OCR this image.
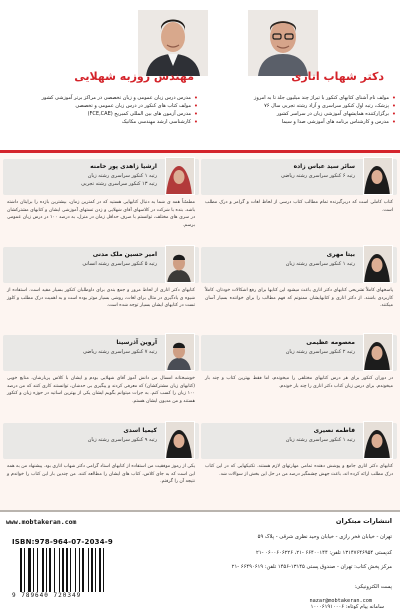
دکتر شهاب اناری
• مولف نام آشنای کتابهای کنکور با تیراژ چند میلیون جلد تا به امروز
• پزشک، رتبه اول کنکور سراسری و آزاد رشته تجربی سال ۷۶
• برگزارکننده همایشهای آموزشی زبان در سراسر کشور
• مدرس و کارشناس برنامه های آموزشی صدا و سیما
مهندس روزبه شهلایی
• مدرس درس زبان عمومی و زبان تخصصی در مراکز برتر آموزشی کشور
• مولف کتاب های کنکور در درس زبان عمومی و تخصصی
• مدرس آزمون های بین المللی کمبریج (FCE,CAE)
• کارشناسی ارشد مهندسی مکانیک
سائر سید عباس زاده
رتبه ۶ کنکور سراسری رشته ریاضی
کتاب کاملی است که دربرگیرنده تمام مطالب کتاب درسی از لحاظ لغات و گرامر و درک مطلب است.
بیتا مهری
رتبه ۱ کنکور سراسری رشته زبان
پاسخهای کاملاً تشریحی کتابهای دکتر اناری باعث میشود این کتابها برای رفع اشکالات خودتان، کاملاً کاربردی باشند. از دکتر اناری و کتابهایشان ممنونم که فهم مطالب را برای خواننده بسیار آسان میکنند.
معصومه عظیمی
رتبه ۲ کنکور سراسری رشته زبان
در دوران کنکور برای هر درس کتابهای مختلفی را میخوندم، اما فقط بهترین کتاب و چند بار میخوندم. برای درس زبان کتاب دکتر اناری را چند بار خوندم.
فاطمه نصیری
رتبه ۱ کنکور سراسری رشته زبان
کتابهای دکتر اناری جامع و پوشش دهنده تمامی مهارتهای لازم هستند. تکنیکهایی که در این کتاب درک مطلب ارائه کرده اند، باعث جهش چشمگیر درصد من در حل این بخش از سوالات شد.
ارشیا زاهدی پور خامنه
رتبه ۱ کنکور سراسری رشته زبان
رتبه ۱۳ کنکور سراسری رشته تجربی
مطمئناً همه ی شما به دنبال کتابهایی هستید که در کمترین زمان، بیشترین بازده را برایتان داشته باشد. بنده با شرکت در کلاسهای آقای شهلایی و زدن تستهای آموزشی ایشان و کتابهای مشترکشان در سری های مختلف، توانستم با صرف حداقل زمان در منزل، به درصد ۱۰۰ در درس زبان عمومی برسم.
امیر حسین ملک مدنی
رتبه ۵ کنکور سراسری رشته انسانی
کتابهای دکتر اناری از لحاظ مرور و جمع بندی برای داوطلبان کنکور بسیار مفید است. استفاده از شیوه ی یادگیری در مثال برای لغات، روشی بسیار موثر بوده است و به اهمیت درک مطلب و کلوز تست در کتابهای ایشان بسیار توجه شده است.
آروین آذرسینا
رتبه ۷ کنکور سراسری رشته ریاضی
خوشبختانه امسال من دانش آموز آقای شهلایی بودم و ایشان با کلاس پربارشان، منابع خوبی (کتابهای زبان مشترکشان) که معرفی کردند و پیگیری بی حدشان، توانستند کاری کنند که من درصد ۱۰۰ زبان را کسب کنم. به جرات میتوانم بگویم ایشان یکی از بهترین اساتید در حوزه زبان و کنکور هستند و من مدیون ایشان هستم.
کیمیا اسدی
رتبه ۹ کنکور سراسری رشته زبان
یکی از رموز موفقیت من استفاده از کتابهای استاد گرامی دکتر شهاب اناری بود. پیشنهاد من به همه این است که به جای کلاس، کتاب های ایشان را مطالعه کنند. من چندین بار این کتاب را خواندم و نتیجه آن را گرفتم.
انتشارات مبتکران
www.mobtakeran.com
تهران - خیابان فخر رازی - خیابان وحید نظری شرقی - پلاک ۵۹
کدپستی ۱۳۱۴۷۶۴۶۹۵۴ تلفن: ۶۶۴۰۰۱۴۴ -۲۱، ۰۶۰۰۶۰۶۲۲۶ -۲۱
مرکز پخش کتاب: تهران - صندوق پستی ۱۳۱۴۵-۱۴۵۶ تلفن: ۶۶۴۹۰۶۱۹ -۲۱
پست الکترونیکی:
nazar@mobtakeran.com
سامانه پیام کوتاه: ۱۰۰۰۶۱۹۱۰۰۰۶
ISBN:978-964-07-2034-9
9 789640 720349
